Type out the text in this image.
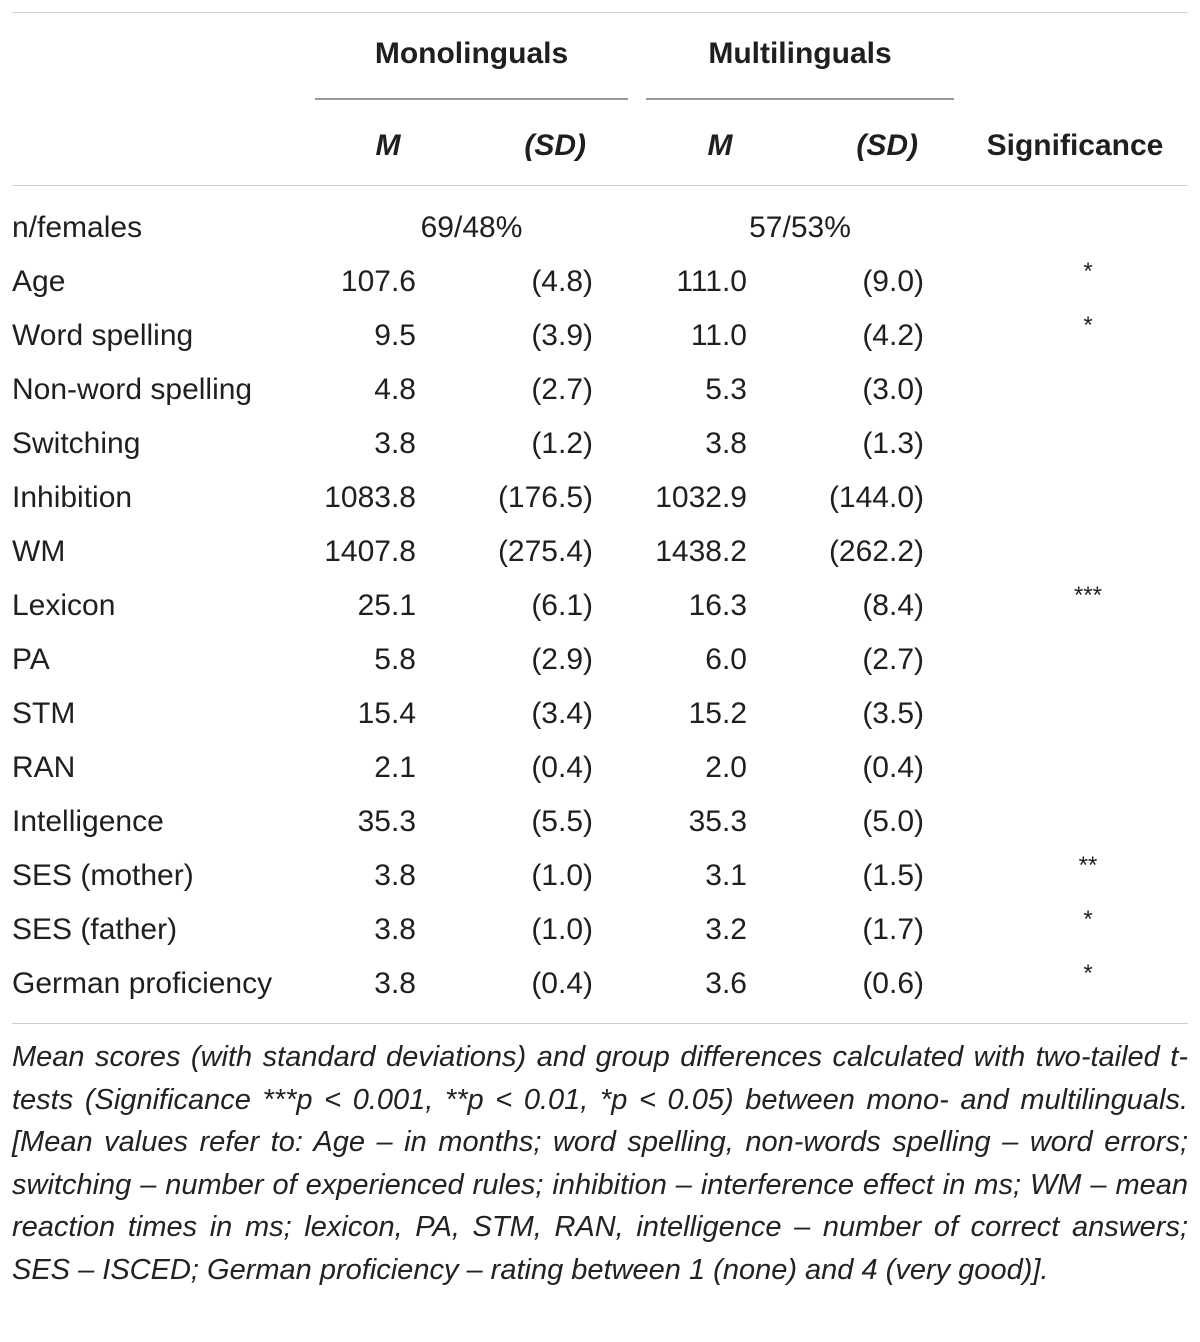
Monolinguals	Multilinguals
M	(SD)	M	(SD)	Significance
n/females	69/48%	57/53%
Age	107.6	(4.8)	111.0	(9.0)	*
Word spelling	9.5	(3.9)	11.0	(4.2)	*
Non-word spelling	4.8	(2.7)	5.3	(3.0)
Switching	3.8	(1.2)	3.8	(1.3)
Inhibition	1083.8	(176.5)	1032.9	(144.0)
WM	1407.8	(275.4)	1438.2	(262.2)
Lexicon	25.1	(6.1)	16.3	(8.4)	***
PA	5.8	(2.9)	6.0	(2.7)
STM	15.4	(3.4)	15.2	(3.5)
RAN	2.1	(0.4)	2.0	(0.4)
Intelligence	35.3	(5.5)	35.3	(5.0)
SES (mother)	3.8	(1.0)	3.1	(1.5)	**
SES (father)	3.8	(1.0)	3.2	(1.7)	*
German proficiency	3.8	(0.4)	3.6	(0.6)	*
Mean scores (with standard deviations) and group differences calculated with two-tailed t-tests (Significance ***p < 0.001, **p < 0.01, *p < 0.05) between mono- and multilinguals. [Mean values refer to: Age – in months; word spelling, non-words spelling – word errors; switching – number of experienced rules; inhibition – interference effect in ms; WM – mean reaction times in ms; lexicon, PA, STM, RAN, intelligence – number of correct answers; SES – ISCED; German proficiency – rating between 1 (none) and 4 (very good)].
